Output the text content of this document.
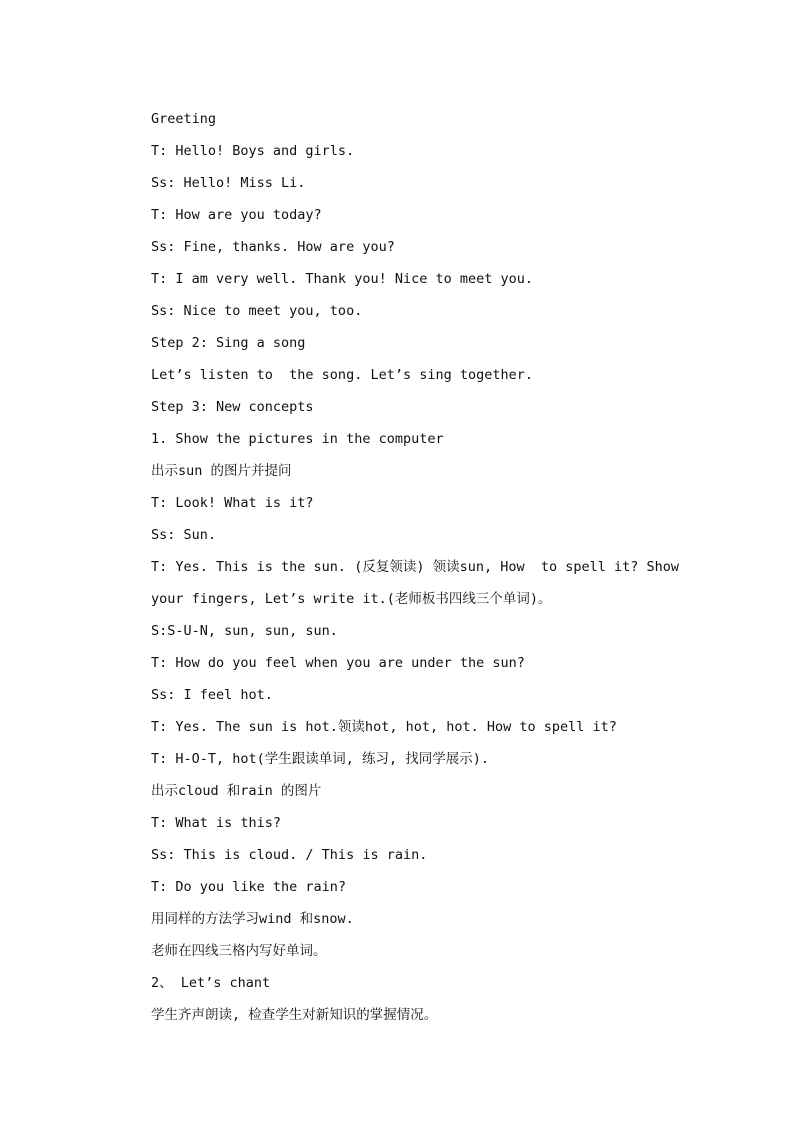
Greeting
T: Hello! Boys and girls.
Ss: Hello! Miss Li.
T: How are you today?
Ss: Fine, thanks. How are you?
T: I am very well. Thank you! Nice to meet you.
Ss: Nice to meet you, too.
Step 2: Sing a song
Let’s listen to  the song. Let’s sing together.
Step 3: New concepts
1. Show the pictures in the computer
出示sun 的图片并提问
T: Look! What is it?
Ss: Sun.
T: Yes. This is the sun. (反复领读) 领读sun, How  to spell it? Show
your fingers, Let’s write it.(老师板书四线三个单词)。
S:S-U-N, sun, sun, sun.
T: How do you feel when you are under the sun?
Ss: I feel hot.
T: Yes. The sun is hot.领读hot, hot, hot. How to spell it?
T: H-O-T, hot(学生跟读单词, 练习, 找同学展示).
出示cloud 和rain 的图片
T: What is this?
Ss: This is cloud. / This is rain.
T: Do you like the rain?
用同样的方法学习wind 和snow.
老师在四线三格内写好单词。
2、 Let’s chant
学生齐声朗读, 检查学生对新知识的掌握情况。
